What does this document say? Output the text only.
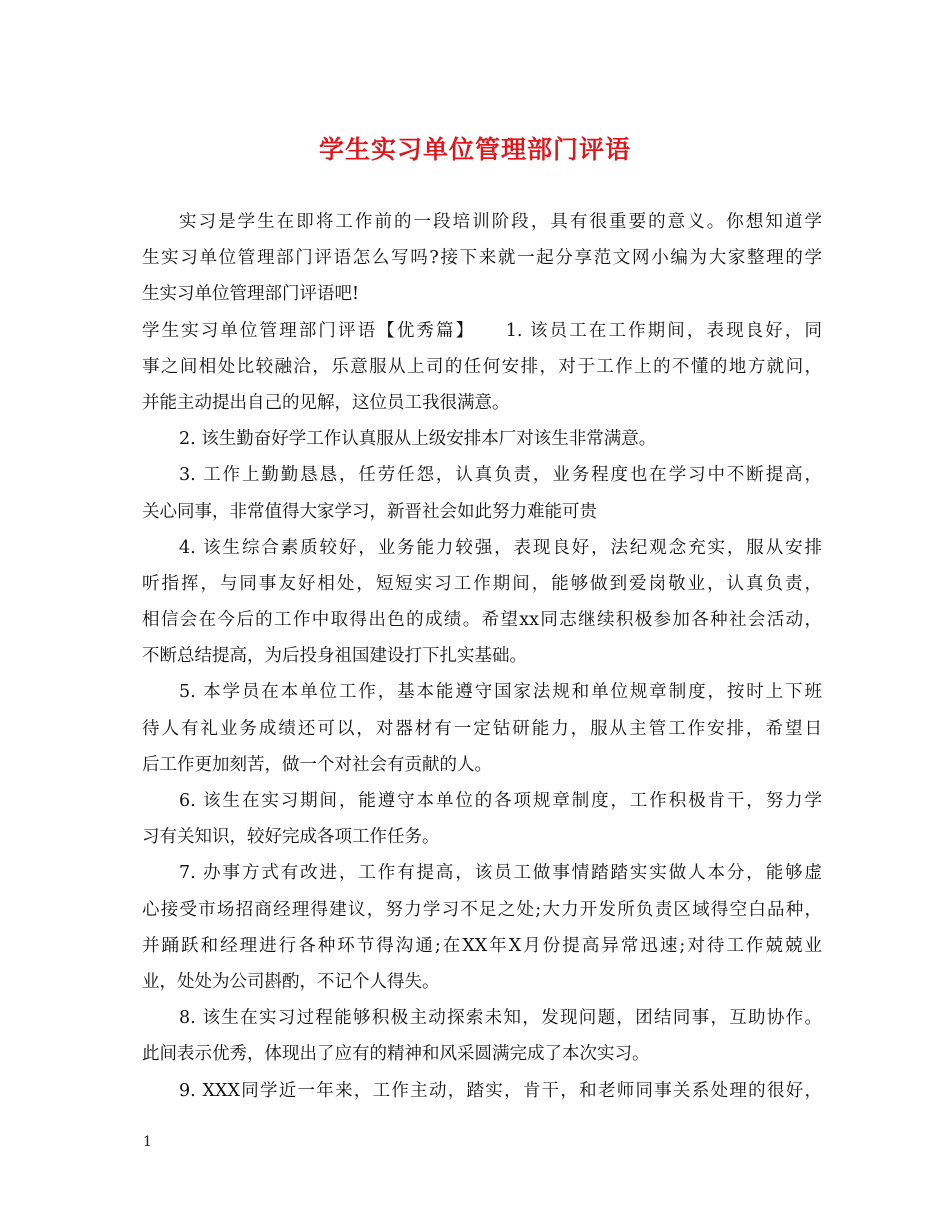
学生实习单位管理部门评语
实习是学生在即将工作前的一段培训阶段，具有很重要的意义。你想知道学
生实习单位管理部门评语怎么写吗?接下来就一起分享范文网小编为大家整理的学
生实习单位管理部门评语吧!
学生实习单位管理部门评语【优秀篇】　　1. 该员工在工作期间，表现良好，同
事之间相处比较融洽，乐意服从上司的任何安排，对于工作上的不懂的地方就问，
并能主动提出自己的见解，这位员工我很满意。
2. 该生勤奋好学工作认真服从上级安排本厂对该生非常满意。
3. 工作上勤勤恳恳，任劳任怨，认真负责，业务程度也在学习中不断提高，
关心同事，非常值得大家学习，新晋社会如此努力难能可贵
4. 该生综合素质较好，业务能力较强，表现良好，法纪观念充实，服从安排
听指挥，与同事友好相处，短短实习工作期间，能够做到爱岗敬业，认真负责，
相信会在今后的工作中取得出色的成绩。希望xx同志继续积极参加各种社会活动，
不断总结提高，为后投身祖国建设打下扎实基础。
5. 本学员在本单位工作，基本能遵守国家法规和单位规章制度，按时上下班
待人有礼业务成绩还可以，对器材有一定钻研能力，服从主管工作安排，希望日
后工作更加刻苦，做一个对社会有贡献的人。
6. 该生在实习期间，能遵守本单位的各项规章制度，工作积极肯干，努力学
习有关知识，较好完成各项工作任务。
7. 办事方式有改进，工作有提高，该员工做事情踏踏实实做人本分，能够虚
心接受市场招商经理得建议，努力学习不足之处;大力开发所负责区域得空白品种，
并踊跃和经理进行各种环节得沟通;在XX年X月份提高异常迅速;对待工作兢兢业
业，处处为公司斟酌，不记个人得失。
8. 该生在实习过程能够积极主动探索未知，发现问题，团结同事，互助协作。
此间表示优秀，体现出了应有的精神和风采圆满完成了本次实习。
9. XXX同学近一年来，工作主动，踏实，肯干，和老师同事关系处理的很好，
1
